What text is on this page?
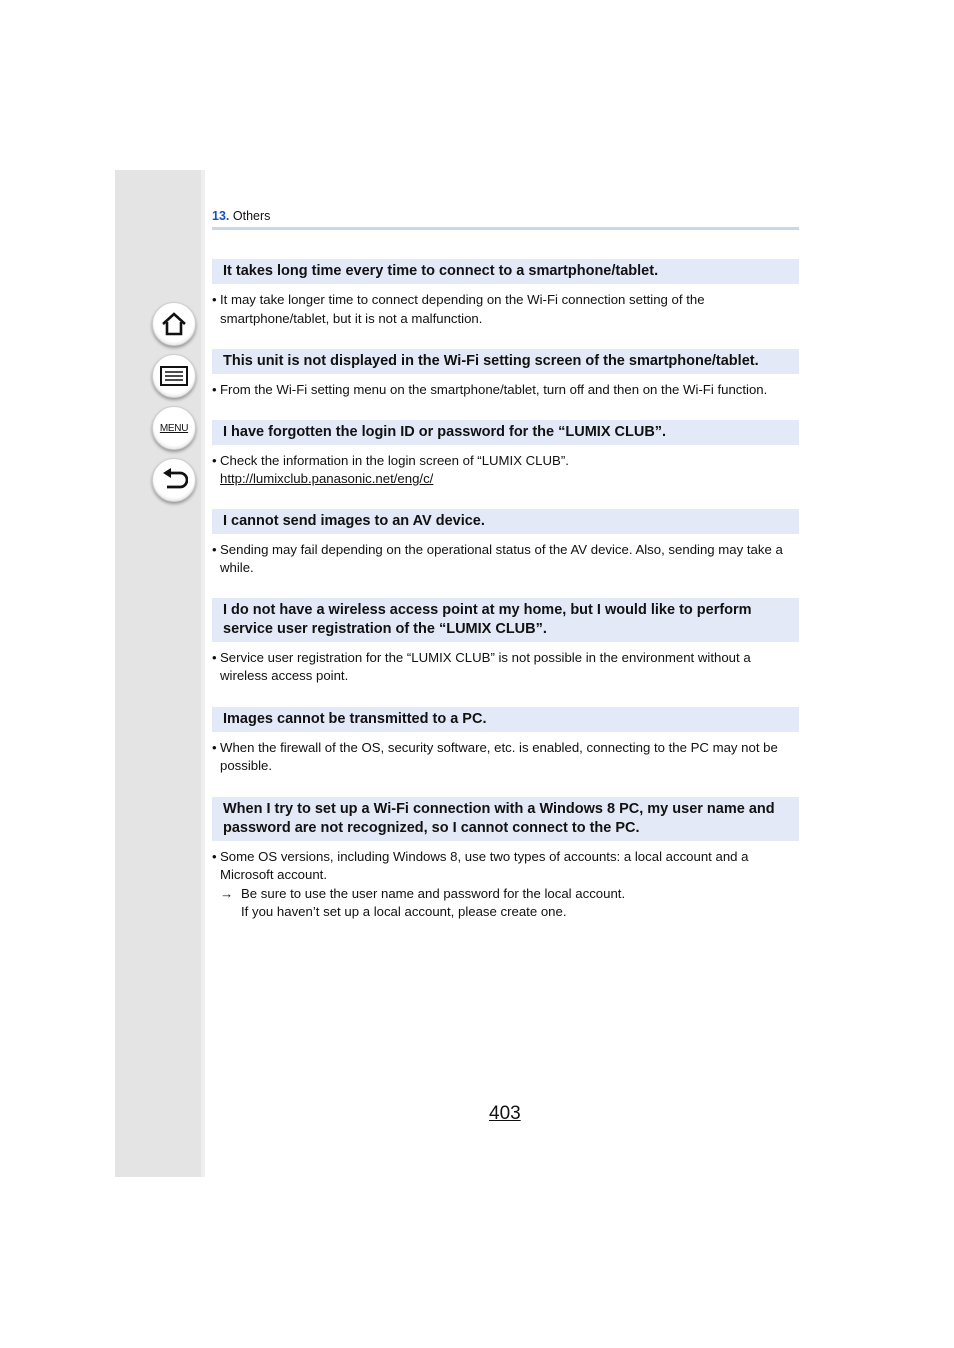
MENU
13. Others
It takes long time every time to connect to a smartphone/tablet.
• It may take longer time to connect depending on the Wi-Fi connection setting of the smartphone/tablet, but it is not a malfunction.
This unit is not displayed in the Wi-Fi setting screen of the smartphone/tablet.
• From the Wi-Fi setting menu on the smartphone/tablet, turn off and then on the Wi-Fi function.
I have forgotten the login ID or password for the “LUMIX CLUB”.
• Check the information in the login screen of “LUMIX CLUB”.
http://lumixclub.panasonic.net/eng/c/
I cannot send images to an AV device.
• Sending may fail depending on the operational status of the AV device. Also, sending may take a while.
I do not have a wireless access point at my home, but I would like to perform service user registration of the “LUMIX CLUB”.
• Service user registration for the “LUMIX CLUB” is not possible in the environment without a wireless access point.
Images cannot be transmitted to a PC.
• When the firewall of the OS, security software, etc. is enabled, connecting to the PC may not be possible.
When I try to set up a Wi-Fi connection with a Windows 8 PC, my user name and password are not recognized, so I cannot connect to the PC.
• Some OS versions, including Windows 8, use two types of accounts: a local account and a Microsoft account.
→ Be sure to use the user name and password for the local account.
If you haven’t set up a local account, please create one.
403
